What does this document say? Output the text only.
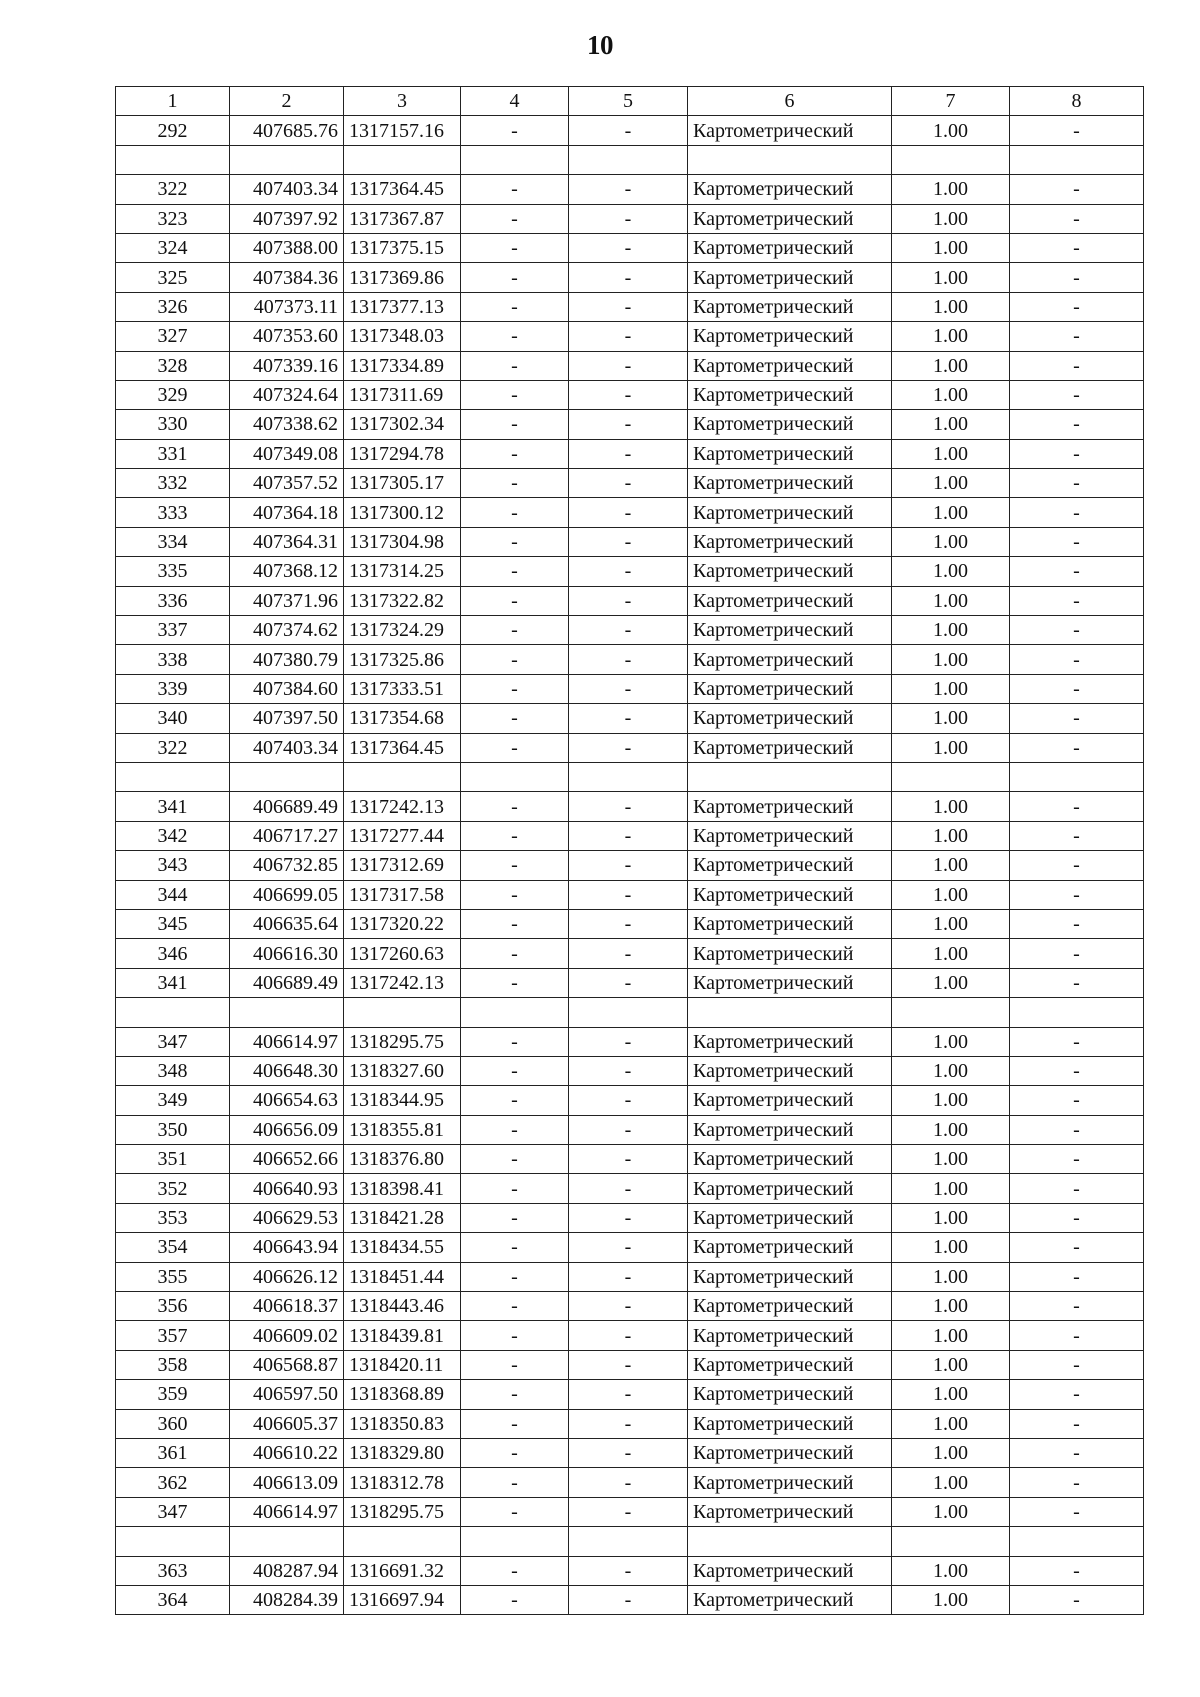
10
1	2	3	4	5	6	7	8
292	407685.76	1317157.16	-	-	Картометрический	1.00	-

322	407403.34	1317364.45	-	-	Картометрический	1.00	-
323	407397.92	1317367.87	-	-	Картометрический	1.00	-
324	407388.00	1317375.15	-	-	Картометрический	1.00	-
325	407384.36	1317369.86	-	-	Картометрический	1.00	-
326	407373.11	1317377.13	-	-	Картометрический	1.00	-
327	407353.60	1317348.03	-	-	Картометрический	1.00	-
328	407339.16	1317334.89	-	-	Картометрический	1.00	-
329	407324.64	1317311.69	-	-	Картометрический	1.00	-
330	407338.62	1317302.34	-	-	Картометрический	1.00	-
331	407349.08	1317294.78	-	-	Картометрический	1.00	-
332	407357.52	1317305.17	-	-	Картометрический	1.00	-
333	407364.18	1317300.12	-	-	Картометрический	1.00	-
334	407364.31	1317304.98	-	-	Картометрический	1.00	-
335	407368.12	1317314.25	-	-	Картометрический	1.00	-
336	407371.96	1317322.82	-	-	Картометрический	1.00	-
337	407374.62	1317324.29	-	-	Картометрический	1.00	-
338	407380.79	1317325.86	-	-	Картометрический	1.00	-
339	407384.60	1317333.51	-	-	Картометрический	1.00	-
340	407397.50	1317354.68	-	-	Картометрический	1.00	-
322	407403.34	1317364.45	-	-	Картометрический	1.00	-

341	406689.49	1317242.13	-	-	Картометрический	1.00	-
342	406717.27	1317277.44	-	-	Картометрический	1.00	-
343	406732.85	1317312.69	-	-	Картометрический	1.00	-
344	406699.05	1317317.58	-	-	Картометрический	1.00	-
345	406635.64	1317320.22	-	-	Картометрический	1.00	-
346	406616.30	1317260.63	-	-	Картометрический	1.00	-
341	406689.49	1317242.13	-	-	Картометрический	1.00	-

347	406614.97	1318295.75	-	-	Картометрический	1.00	-
348	406648.30	1318327.60	-	-	Картометрический	1.00	-
349	406654.63	1318344.95	-	-	Картометрический	1.00	-
350	406656.09	1318355.81	-	-	Картометрический	1.00	-
351	406652.66	1318376.80	-	-	Картометрический	1.00	-
352	406640.93	1318398.41	-	-	Картометрический	1.00	-
353	406629.53	1318421.28	-	-	Картометрический	1.00	-
354	406643.94	1318434.55	-	-	Картометрический	1.00	-
355	406626.12	1318451.44	-	-	Картометрический	1.00	-
356	406618.37	1318443.46	-	-	Картометрический	1.00	-
357	406609.02	1318439.81	-	-	Картометрический	1.00	-
358	406568.87	1318420.11	-	-	Картометрический	1.00	-
359	406597.50	1318368.89	-	-	Картометрический	1.00	-
360	406605.37	1318350.83	-	-	Картометрический	1.00	-
361	406610.22	1318329.80	-	-	Картометрический	1.00	-
362	406613.09	1318312.78	-	-	Картометрический	1.00	-
347	406614.97	1318295.75	-	-	Картометрический	1.00	-

363	408287.94	1316691.32	-	-	Картометрический	1.00	-
364	408284.39	1316697.94	-	-	Картометрический	1.00	-
